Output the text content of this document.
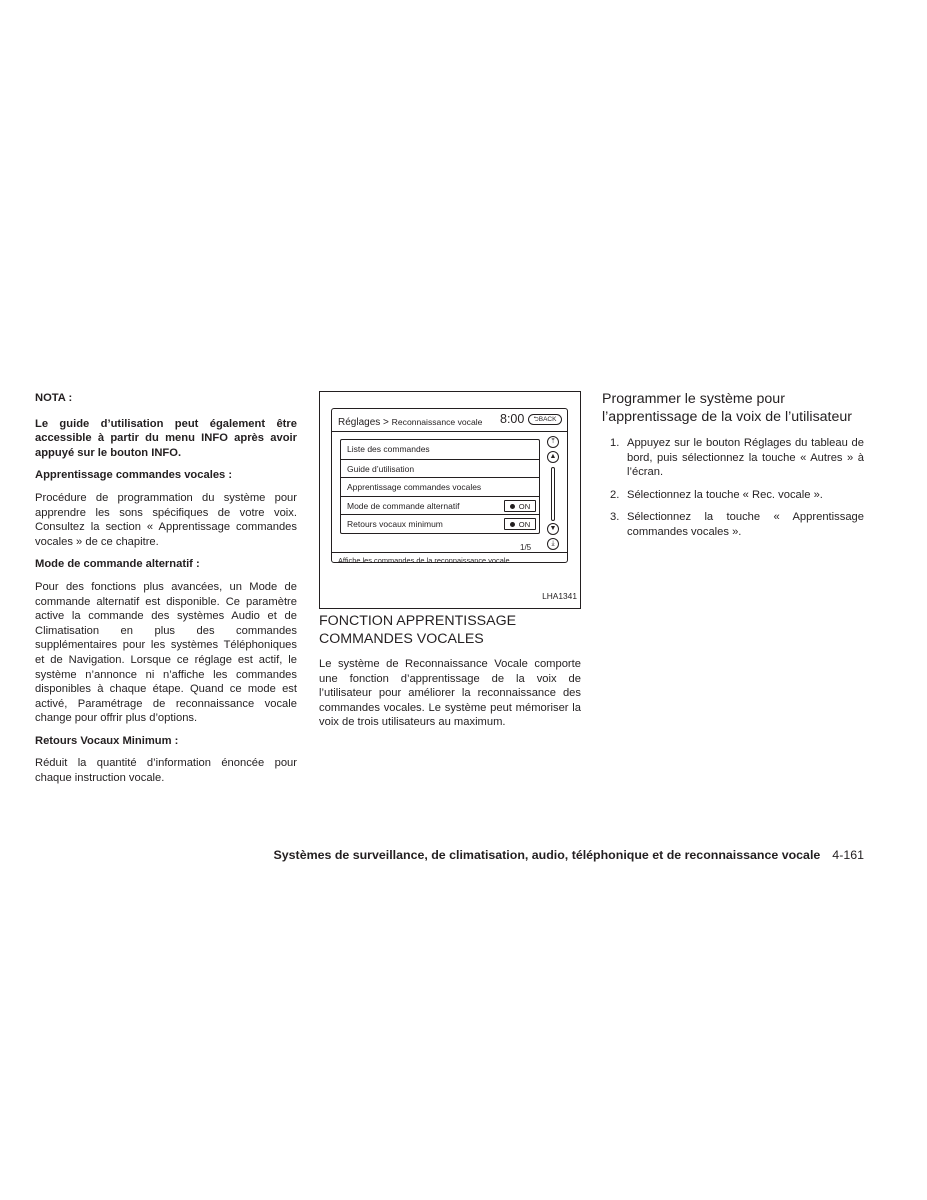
NOTA :
Le guide d’utilisation peut également être accessible à partir du menu INFO après avoir appuyé sur le bouton INFO.
Apprentissage commandes vocales :
Procédure de programmation du système pour apprendre les sons spécifiques de votre voix. Consultez la section « Apprentissage commandes vocales » de ce chapitre.
Mode de commande alternatif :
Pour des fonctions plus avancées, un Mode de commande alternatif est disponible. Ce paramètre active la commande des systèmes Audio et de Climatisation en plus des commandes supplémentaires pour les systèmes Téléphoniques et de Navigation. Lorsque ce réglage est actif, le système n’annonce ni n’affiche les commandes disponibles à chaque étape. Quand ce mode est activé, Paramétrage de reconnaissance vocale change pour offrir plus d’options.
Retours Vocaux Minimum :
Réduit la quantité d’information énoncée pour chaque instruction vocale.
Réglages > Reconnaissance vocale 8:00	⮌BACK
Liste des commandes
Guide d’utilisation
Apprentissage commandes vocales
Mode de commande alternatif	ON
Retours vocaux minimum	ON
⤒
▲
▼
⤓
1/5
Affiche les commandes de la reconnaissance vocale
LHA1341
FONCTION APPRENTISSAGE COMMANDES VOCALES
Le système de Reconnaissance Vocale comporte une fonction d’apprentissage de la voix de l’utilisateur pour améliorer la reconnaissance des commandes vocales. Le système peut mémoriser la voix de trois utilisateurs au maximum.
Programmer le système pour l’apprentissage de la voix de l’utilisateur
1. Appuyez sur le bouton Réglages du tableau de bord, puis sélectionnez la touche « Autres » à l’écran.
2. Sélectionnez la touche « Rec. vocale ».
3. Sélectionnez la touche « Apprentissage commandes vocales ».
Systèmes de surveillance, de climatisation, audio, téléphonique et de reconnaissance vocale 4-161
